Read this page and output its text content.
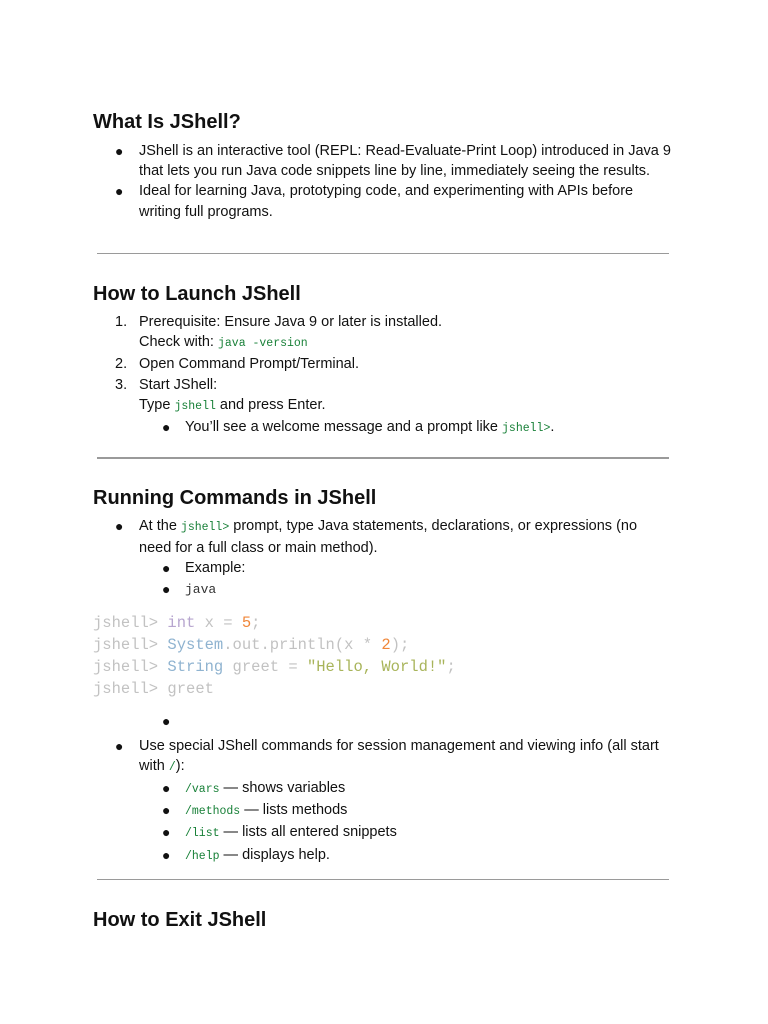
What Is JShell?
● JShell is an interactive tool (REPL: Read-Evaluate-Print Loop) introduced in Java 9 that lets you run Java code snippets line by line, immediately seeing the results.
● Ideal for learning Java, prototyping code, and experimenting with APIs before writing full programs.
How to Launch JShell
1. Prerequisite: Ensure Java 9 or later is installed.
Check with: java -version
2. Open Command Prompt/Terminal.
3. Start JShell:
Type jshell and press Enter.
● You’ll see a welcome message and a prompt like jshell>.
Running Commands in JShell
● At the jshell> prompt, type Java statements, declarations, or expressions (no need for a full class or main method).
● Example:
● java
jshell> int x = 5;
jshell> System.out.println(x * 2);
jshell> String greet = "Hello, World!";
jshell> greet
●
● Use special JShell commands for session management and viewing info (all start with /):
● /vars — shows variables
● /methods — lists methods
● /list — lists all entered snippets
● /help — displays help.
How to Exit JShell
